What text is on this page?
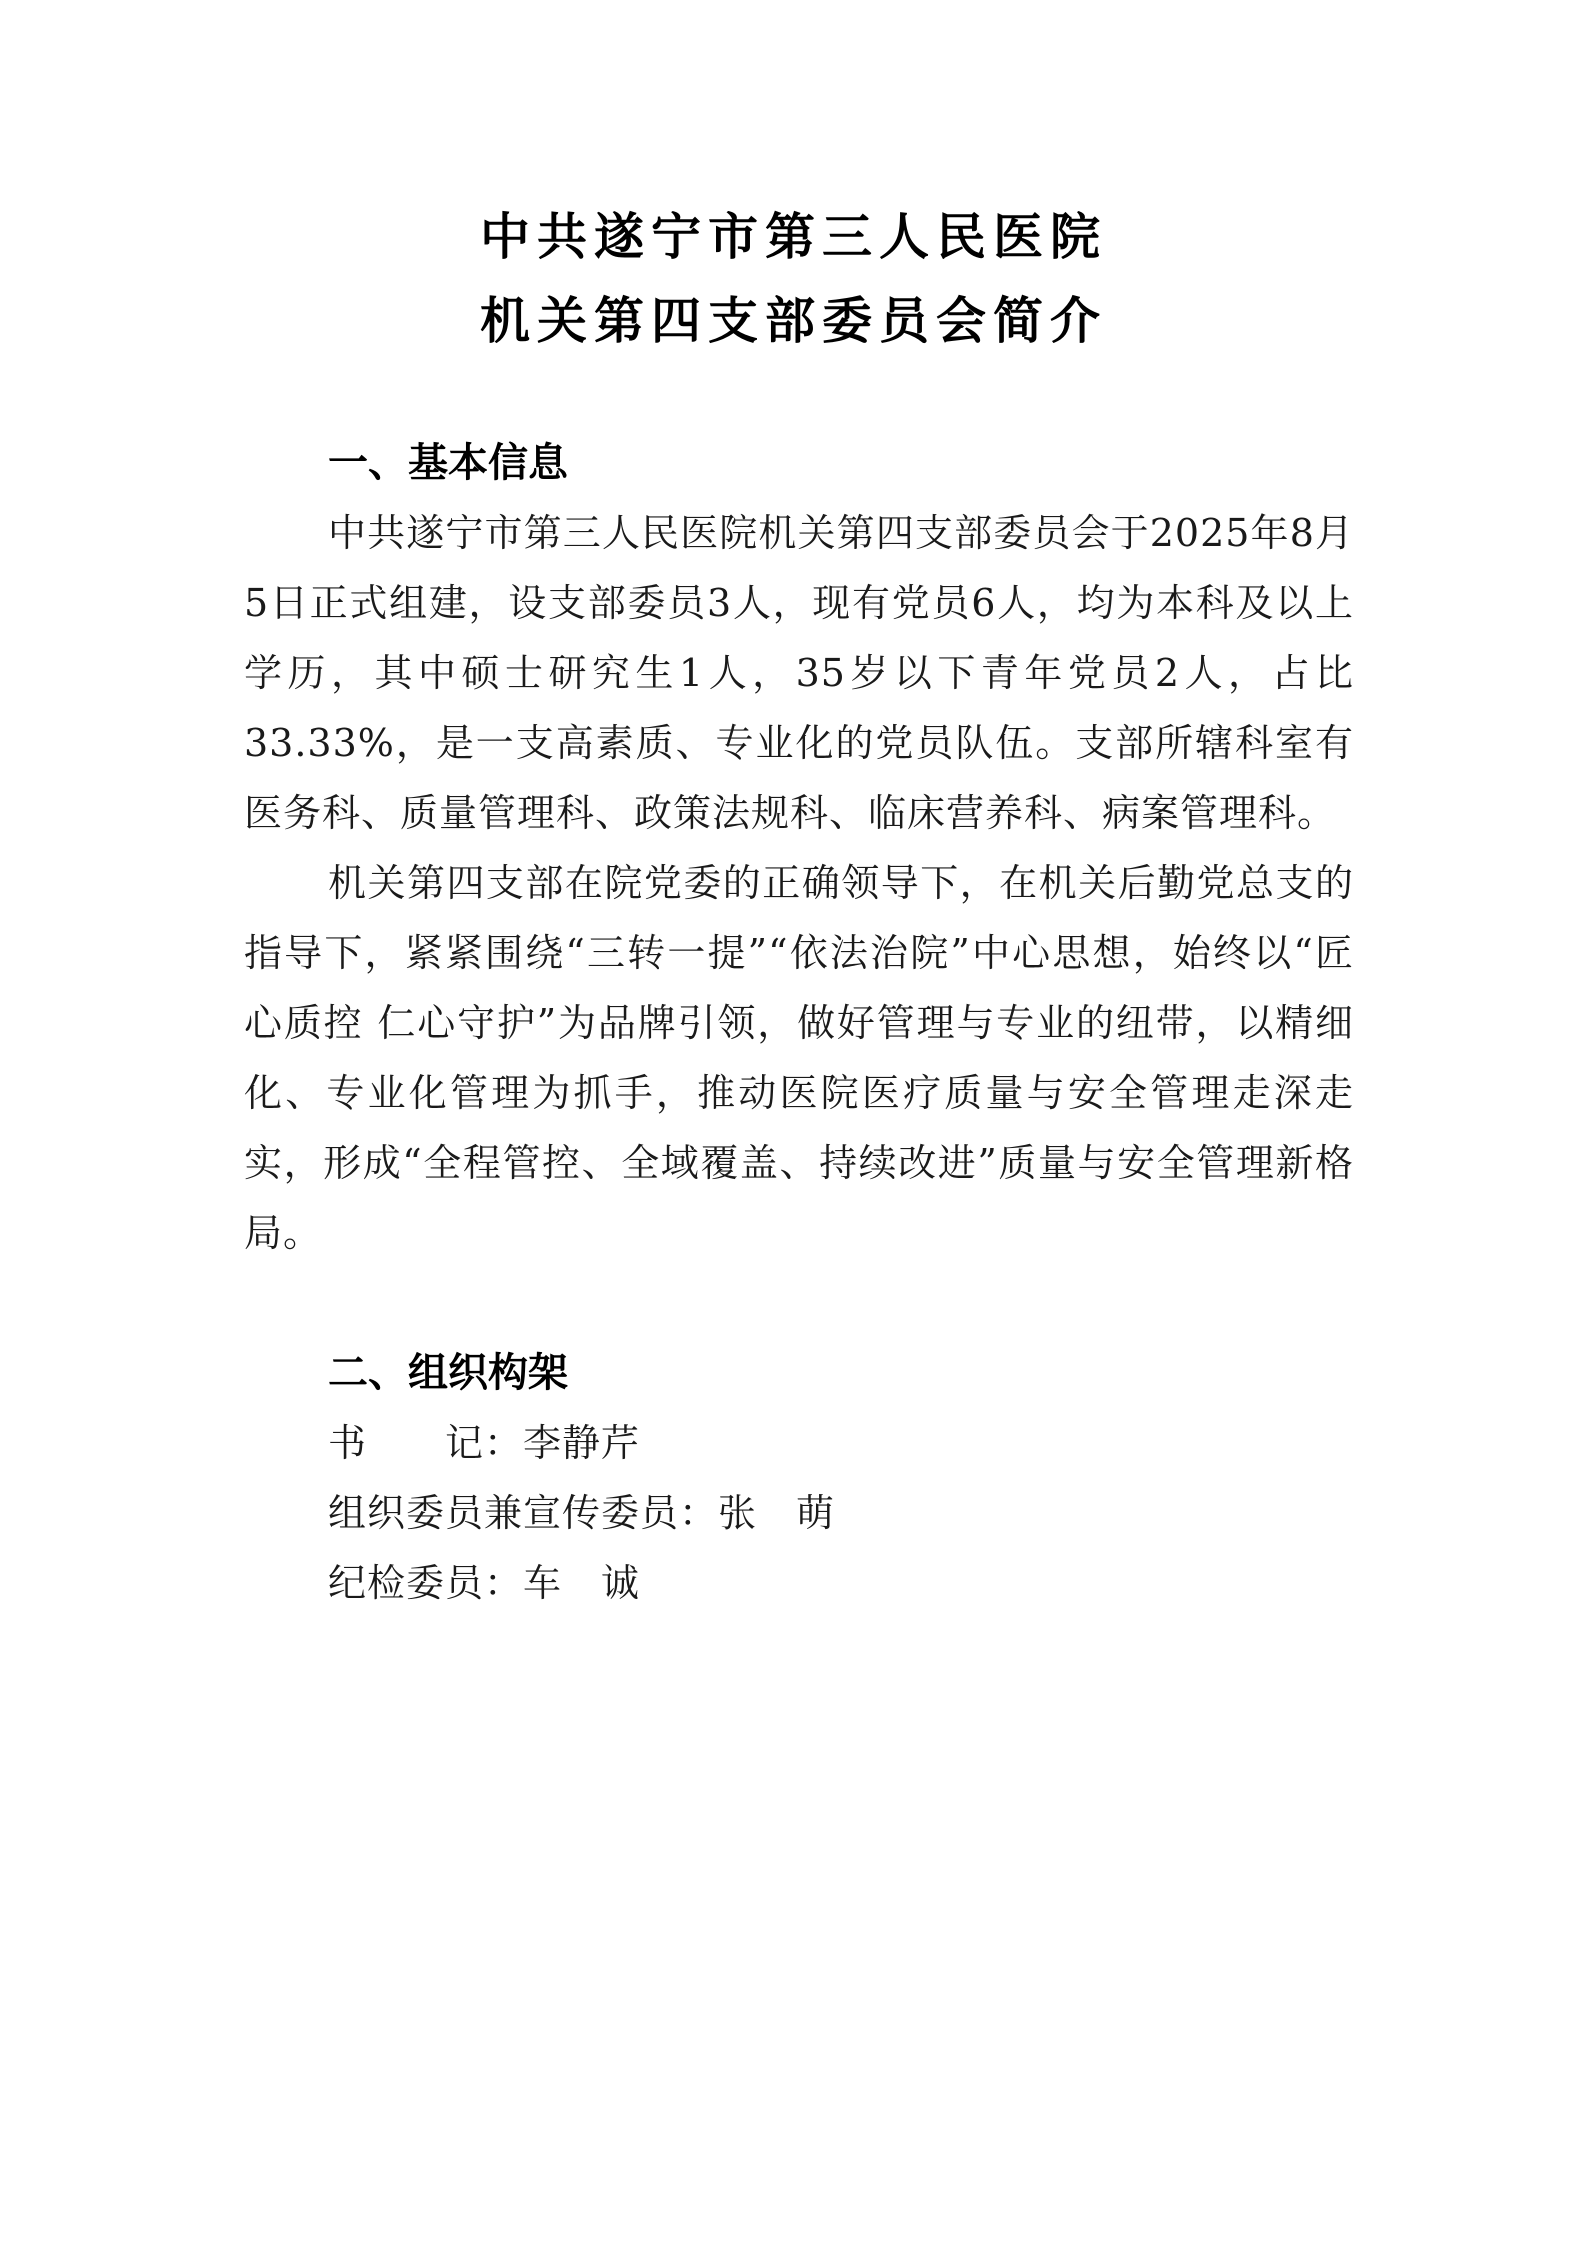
中共遂宁市第三人民医院
机关第四支部委员会简介
一、基本信息

中共遂宁市第三人民医院机关第四支部委员会于2025年8月5日正式组建，设支部委员3人，现有党员6人，均为本科及以上学历，其中硕士研究生1人，35岁以下青年党员2人，占比33.33%，是一支高素质、专业化的党员队伍。支部所辖科室有医务科、质量管理科、政策法规科、临床营养科、病案管理科。

机关第四支部在院党委的正确领导下，在机关后勤党总支的指导下，紧紧围绕“三转一提”“依法治院”中心思想，始终以“匠心质控 仁心守护”为品牌引领，做好管理与专业的纽带，以精细化、专业化管理为抓手，推动医院医疗质量与安全管理走深走实，形成“全程管控、全域覆盖、持续改进”质量与安全管理新格局。

二、组织构架
书　　记：李静芹
组织委员兼宣传委员：张　萌
纪检委员：车　诚
